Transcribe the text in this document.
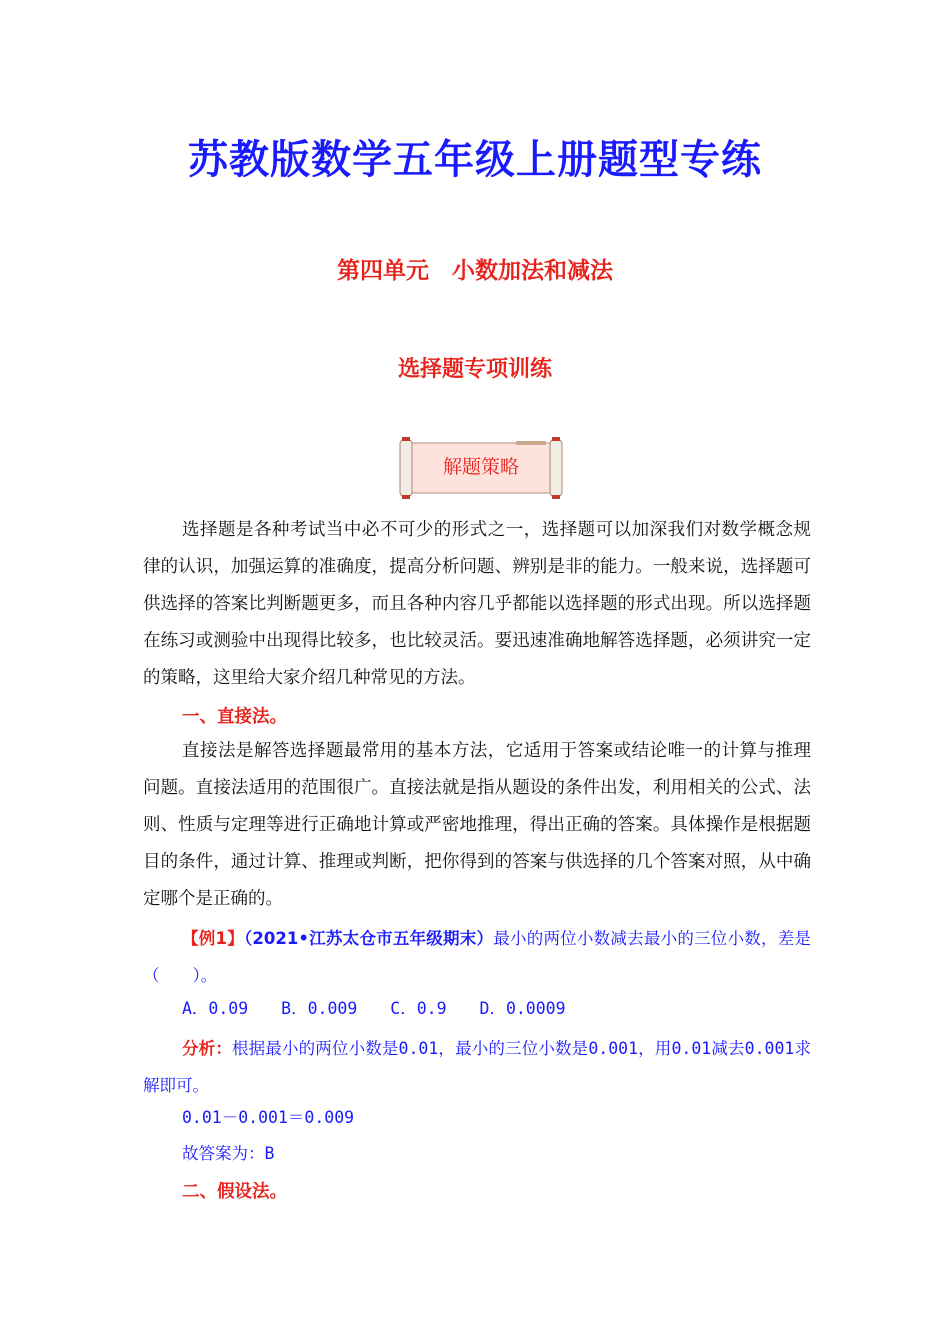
苏教版数学五年级上册题型专练
第四单元　小数加法和减法
选择题专项训练
解题策略
选择题是各种考试当中必不可少的形式之一，选择题可以加深我们对数学概念规律的认识，加强运算的准确度，提高分析问题、辨别是非的能力。一般来说，选择题可供选择的答案比判断题更多，而且各种内容几乎都能以选择题的形式出现。所以选择题在练习或测验中出现得比较多，也比较灵活。要迅速准确地解答选择题，必须讲究一定的策略，这里给大家介绍几种常见的方法。
一、直接法。
直接法是解答选择题最常用的基本方法，它适用于答案或结论唯一的计算与推理问题。直接法适用的范围很广。直接法就是指从题设的条件出发，利用相关的公式、法则、性质与定理等进行正确地计算或严密地推理，得出正确的答案。具体操作是根据题目的条件，通过计算、推理或判断，把你得到的答案与供选择的几个答案对照，从中确定哪个是正确的。
【例1】（2021•江苏太仓市五年级期末）最小的两位小数减去最小的三位小数，差是（　　）。
A．0.09　　B．0.009　　C．0.9　　D．0.0009
分析：根据最小的两位小数是0.01，最小的三位小数是0.001，用0.01减去0.001求解即可。
0.01－0.001＝0.009
故答案为：B
二、假设法。
